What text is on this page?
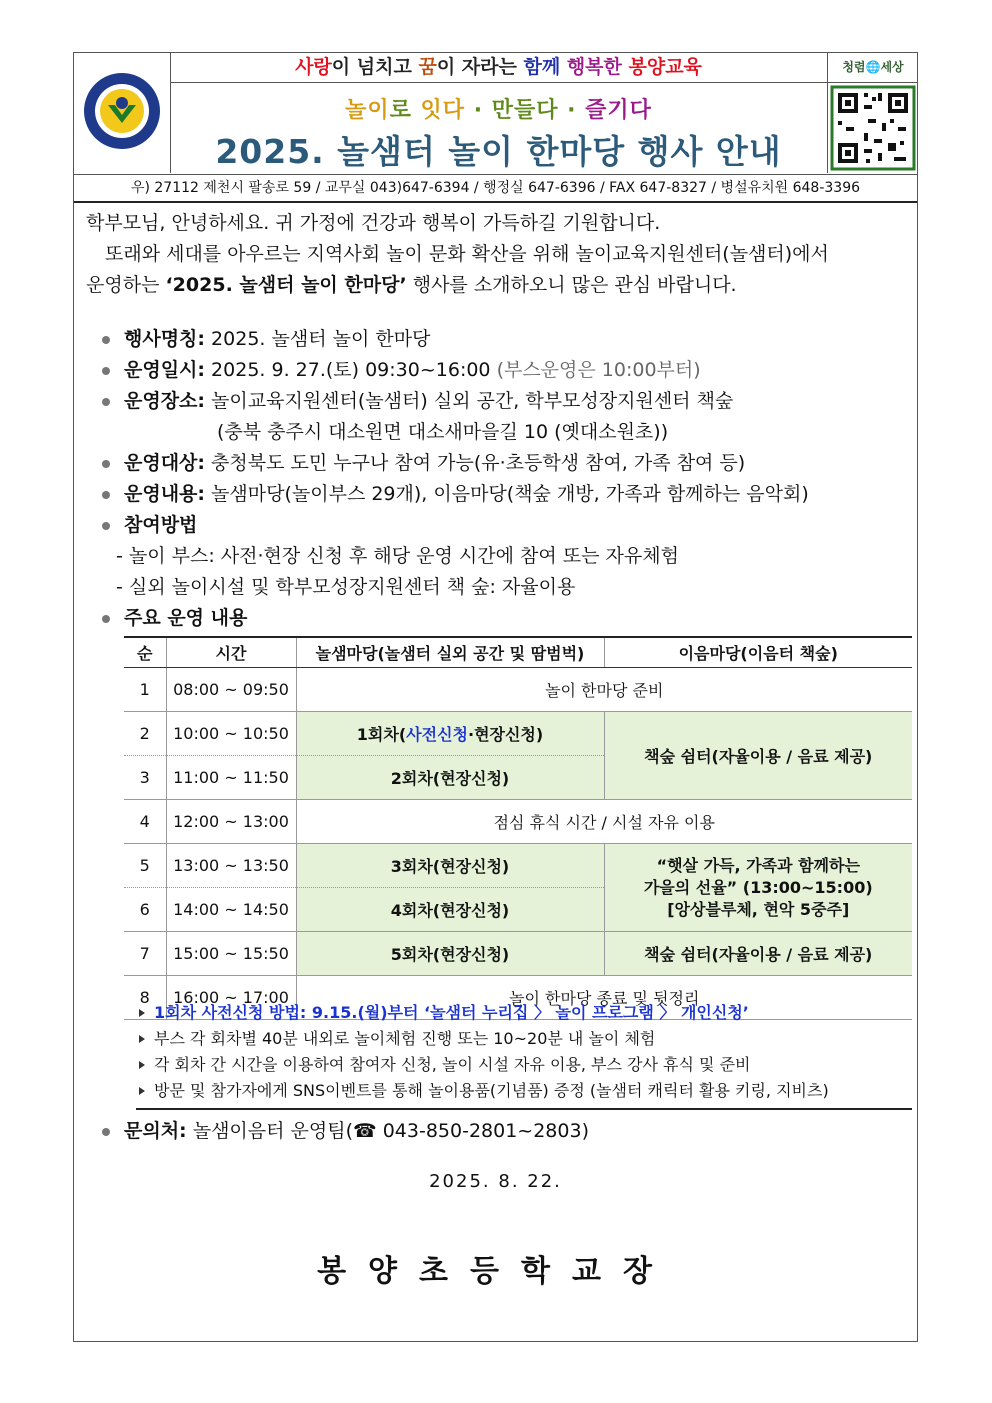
사랑이 넘치고 꿈이 자라는 함께 행복한 봉양교육	청렴🌐세상
놀이로 잇다 · 만들다 · 즐기다
2025. 놀샘터 놀이 한마당 행사 안내
우) 27112 제천시 팔송로 59 / 교무실 043)647-6394 / 행정실 647-6396 / FAX 647-8327 / 병설유치원 648-3396
학부모님, 안녕하세요. 귀 가정에 건강과 행복이 가득하길 기원합니다.
또래와 세대를 아우르는 지역사회 놀이 문화 확산을 위해 놀이교육지원센터(놀샘터)에서
운영하는 ‘2025. 놀샘터 놀이 한마당’ 행사를 소개하오니 많은 관심 바랍니다.
행사명칭: 2025. 놀샘터 놀이 한마당
운영일시: 2025. 9. 27.(토) 09:30~16:00 (부스운영은 10:00부터)
운영장소: 놀이교육지원센터(놀샘터) 실외 공간, 학부모성장지원센터 책숲
(충북 충주시 대소원면 대소새마을길 10 (옛대소원초))
운영대상: 충청북도 도민 누구나 참여 가능(유·초등학생 참여, 가족 참여 등)
운영내용: 놀샘마당(놀이부스 29개), 이음마당(책숲 개방, 가족과 함께하는 음악회)
참여방법
- 놀이 부스: 사전·현장 신청 후 해당 운영 시간에 참여 또는 자유체험
- 실외 놀이시설 및 학부모성장지원센터 책 숲: 자율이용
주요 운영 내용
순	시간	놀샘마당(놀샘터 실외 공간 및 땀범벅)	이음마당(이음터 책숲)
1	08:00 ~ 09:50	놀이 한마당 준비	
2	10:00 ~ 10:50	1회차(사전신청·현장신청)	책숲 쉼터(자율이용 / 음료 제공)
3	11:00 ~ 11:50	2회차(현장신청)	
4	12:00 ~ 13:00	점심 휴식 시간 / 시설 자유 이용	
5	13:00 ~ 13:50	3회차(현장신청)	“햇살 가득, 가족과 함께하는
가을의 선율” (13:00~15:00)
[앙상블루체, 현악 5중주]

6	14:00 ~ 14:50	4회차(현장신청)	
7	15:00 ~ 15:50	5회차(현장신청)	책숲 쉼터(자율이용 / 음료 제공)
8	16:00 ~ 17:00	놀이 한마당 종료 및 뒷정리	
1회차 사전신청 방법: 9.15.(월)부터 ‘놀샘터 누리집 〉 놀이 프로그램 〉 개인신청’
부스 각 회차별 40분 내외로 놀이체험 진행 또는 10~20분 내 놀이 체험
각 회차 간 시간을 이용하여 참여자 신청, 놀이 시설 자유 이용, 부스 강사 휴식 및 준비
방문 및 참가자에게 SNS이벤트를 통해 놀이용품(기념품) 증정 (놀샘터 캐릭터 활용 키링, 지비츠)
문의처: 놀샘이음터 운영팀(☎ 043-850-2801~2803)
2025. 8. 22.
봉양초등학교장
